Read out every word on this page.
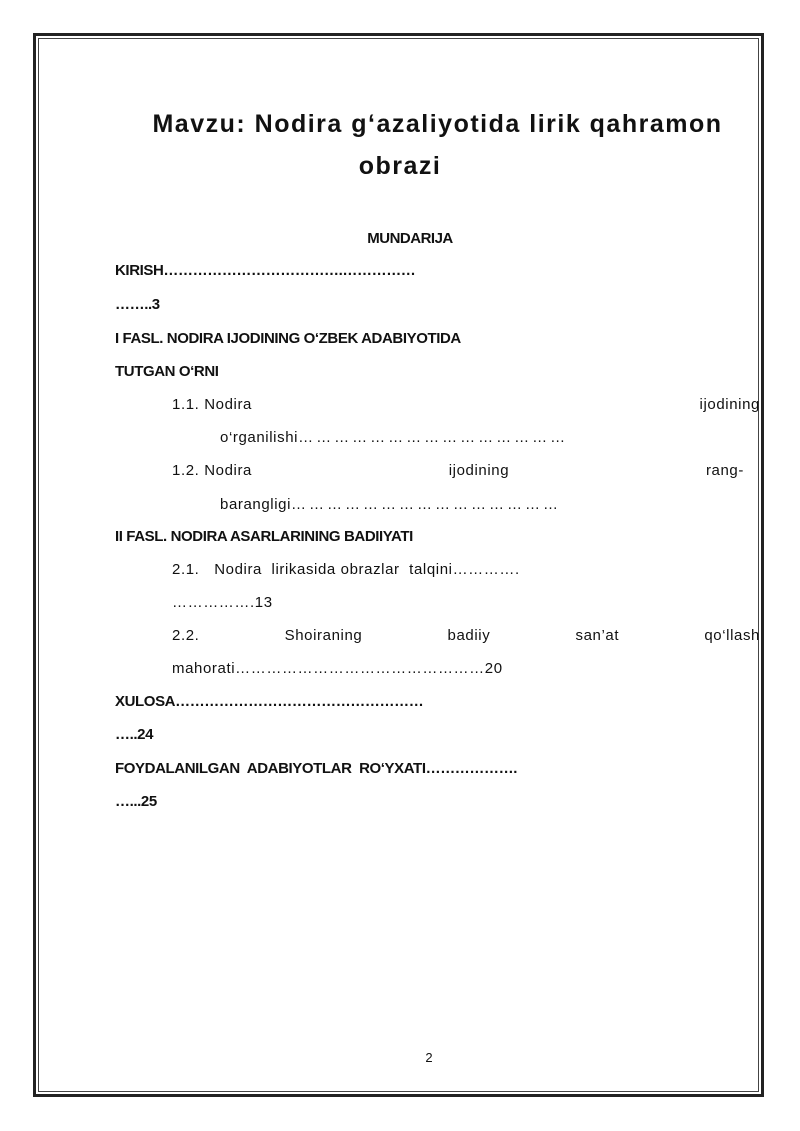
Mavzu: Nodira g‘azaliyotida lirik qahramon
obrazi
MUNDARIJA
KIRISH……………………………….……………
……..3
I FASL. NODIRA IJODINING O‘ZBEK ADABIYOTIDA
TUTGAN O‘RNI
1.1. Nodira	ijodining
o‘rganilishi………………………………………
1.2. Nodira	ijodining	rang-
barangligi………………………………………
II FASL. NODIRA ASARLARINING BADIIYATI
2.1. Nodira  lirikasida obrazlar  talqini………….
…………….13
2.2.	Shoiraning	badiiy	san’at	qo‘llash
mahorati…………………………………………20
XULOSA……………………………………………
…..24
FOYDALANILGAN  ADABIYOTLAR  RO‘YXATI……………….
…...25
2
